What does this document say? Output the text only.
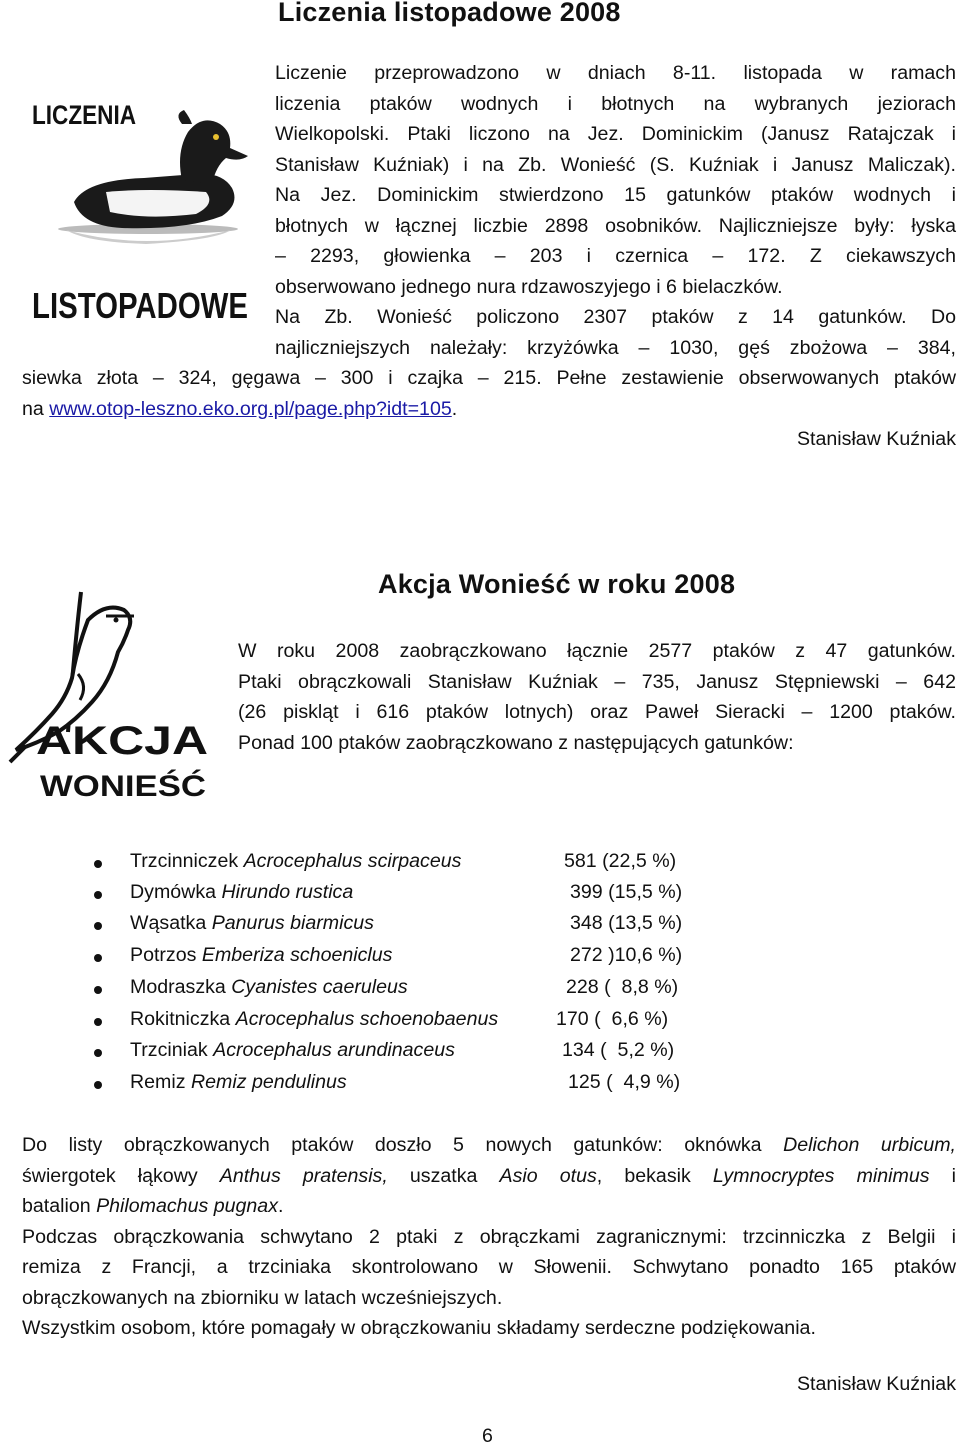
Liczenia listopadowe 2008
LICZENIA
LISTOPADOWE
Liczenie przeprowadzono w dniach 8-11. listopada w ramach
liczenia ptaków wodnych i błotnych na wybranych jeziorach
Wielkopolski. Ptaki liczono na Jez. Dominickim (Janusz Ratajczak i
Stanisław Kuźniak) i na Zb. Wonieść (S. Kuźniak i Janusz Maliczak).
Na Jez. Dominickim stwierdzono 15 gatunków ptaków wodnych i
błotnych w łącznej liczbie 2898 osobników. Najliczniejsze były: łyska
– 2293, głowienka – 203 i czernica – 172. Z ciekawszych
obserwowano jednego nura rdzawoszyjego i 6 bielaczków.
Na Zb. Wonieść policzono 2307 ptaków z 14 gatunków. Do
najliczniejszych należały: krzyżówka – 1030, gęś zbożowa – 384,
siewka złota – 324, gęgawa – 300 i czajka – 215. Pełne zestawienie obserwowanych ptaków
na www.otop-leszno.eko.org.pl/page.php?idt=105.
Stanisław Kuźniak
Akcja Wonieść w roku 2008
AKCJA
WONIEŚĆ
W roku 2008 zaobrączkowano łącznie 2577 ptaków z 47 gatunków.
Ptaki obrączkowali Stanisław Kuźniak – 735, Janusz Stępniewski – 642
(26 piskląt i 616 ptaków lotnych) oraz Paweł Sieracki – 1200 ptaków.
Ponad 100 ptaków zaobrączkowano z następujących gatunków:
Trzcinniczek Acrocephalus scirpaceus	581 (22,5 %)
Dymówka Hirundo rustica	399 (15,5 %)
Wąsatka Panurus biarmicus	348 (13,5 %)
Potrzos Emberiza schoeniclus	272 )10,6 %)
Modraszka Cyanistes caeruleus	228 (  8,8 %)
Rokitniczka Acrocephalus schoenobaenus	170 (  6,6 %)
Trzciniak Acrocephalus arundinaceus	134 (  5,2 %)
Remiz Remiz pendulinus	125 (  4,9 %)
Do listy obrączkowanych ptaków doszło 5 nowych gatunków: oknówka Delichon urbicum,
świergotek łąkowy Anthus pratensis, uszatka Asio otus, bekasik Lymnocryptes minimus i
batalion Philomachus pugnax.
Podczas obrączkowania schwytano 2 ptaki z obrączkami zagranicznymi: trzcinniczka z Belgii i
remiza z Francji, a trzciniaka skontrolowano w Słowenii. Schwytano ponadto 165 ptaków
obrączkowanych na zbiorniku w latach wcześniejszych.
Wszystkim osobom, które pomagały w obrączkowaniu składamy serdeczne podziękowania.
Stanisław Kuźniak
6
